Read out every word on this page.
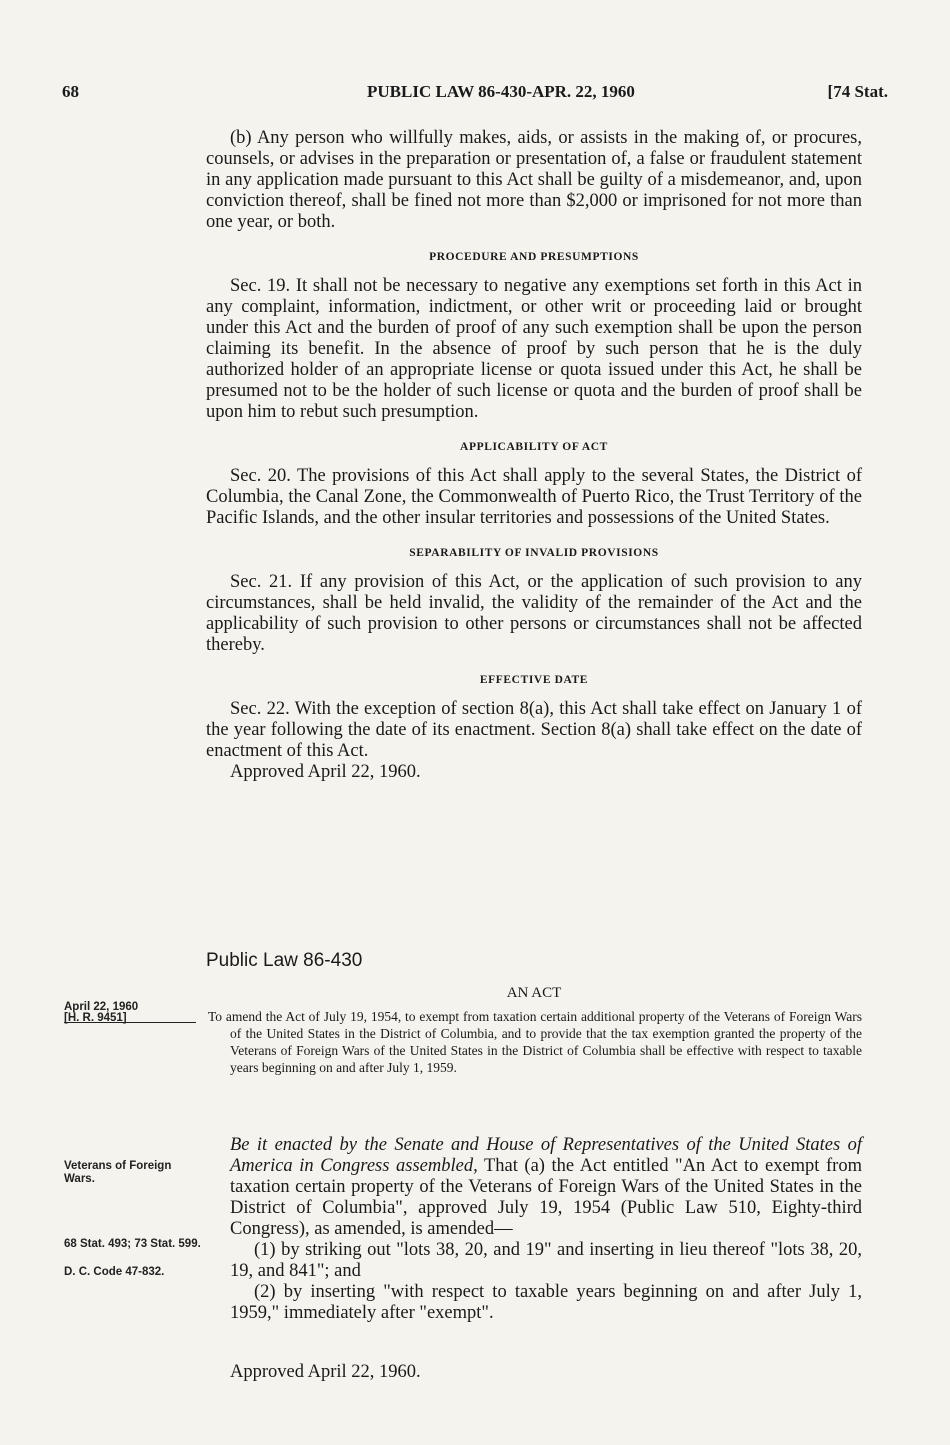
68	PUBLIC LAW 86-430-APR. 22, 1960	[74 Stat.

(b) Any person who willfully makes, aids, or assists in the making of, or procures, counsels, or advises in the preparation or presentation of, a false or fraudulent statement in any application made pursuant to this Act shall be guilty of a misdemeanor, and, upon conviction thereof, shall be fined not more than $2,000 or imprisoned for not more than one year, or both.

PROCEDURE AND PRESUMPTIONS

Sec. 19. It shall not be necessary to negative any exemptions set forth in this Act in any complaint, information, indictment, or other writ or proceeding laid or brought under this Act and the burden of proof of any such exemption shall be upon the person claiming its benefit. In the absence of proof by such person that he is the duly authorized holder of an appropriate license or quota issued under this Act, he shall be presumed not to be the holder of such license or quota and the burden of proof shall be upon him to rebut such presumption.

APPLICABILITY OF ACT

Sec. 20. The provisions of this Act shall apply to the several States, the District of Columbia, the Canal Zone, the Commonwealth of Puerto Rico, the Trust Territory of the Pacific Islands, and the other insular territories and possessions of the United States.

SEPARABILITY OF INVALID PROVISIONS

Sec. 21. If any provision of this Act, or the application of such provision to any circumstances, shall be held invalid, the validity of the remainder of the Act and the applicability of such provision to other persons or circumstances shall not be affected thereby.

EFFECTIVE DATE

Sec. 22. With the exception of section 8(a), this Act shall take effect on January 1 of the year following the date of its enactment. Section 8(a) shall take effect on the date of enactment of this Act.

Approved April 22, 1960.

Public Law 86-430
April 22, 1960
[H. R. 9451]
AN ACT
To amend the Act of July 19, 1954, to exempt from taxation certain additional property of the Veterans of Foreign Wars of the United States in the District of Columbia, and to provide that the tax exemption granted the property of the Veterans of Foreign Wars of the United States in the District of Columbia shall be effective with respect to taxable years beginning on and after July 1, 1959.
Veterans of Foreign Wars.
68 Stat. 493; 73 Stat. 599.
D. C. Code 47-832.

Be it enacted by the Senate and House of Representatives of the United States of America in Congress assembled, That (a) the Act entitled "An Act to exempt from taxation certain property of the Veterans of Foreign Wars of the United States in the District of Columbia", approved July 19, 1954 (Public Law 510, Eighty-third Congress), as amended, is amended—

(1) by striking out "lots 38, 20, and 19" and inserting in lieu thereof "lots 38, 20, 19, and 841"; and

(2) by inserting "with respect to taxable years beginning on and after July 1, 1959," immediately after "exempt".

Approved April 22, 1960.
